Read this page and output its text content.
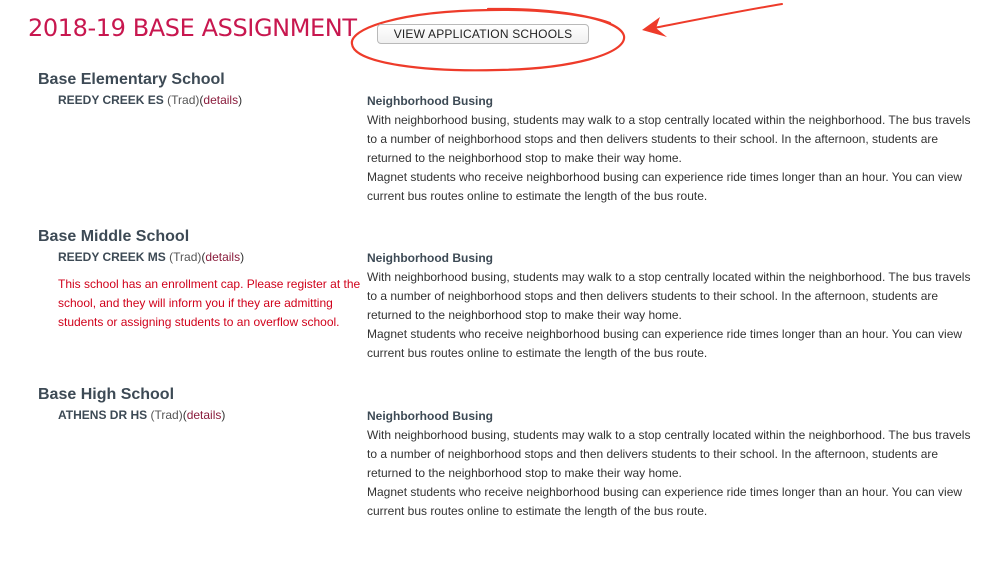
2018-19 BASE ASSIGNMENT	VIEW APPLICATION SCHOOLS
Base Elementary School
REEDY CREEK ES (Trad)(details)	Neighborhood Busing
With neighborhood busing, students may walk to a stop centrally located within the neighborhood. The bus travels to a number of neighborhood stops and then delivers students to their school. In the afternoon, students are returned to the neighborhood stop to make their way home.
Magnet students who receive neighborhood busing can experience ride times longer than an hour. You can view current bus routes online to estimate the length of the bus route.
Base Middle School
REEDY CREEK MS (Trad)(details)
This school has an enrollment cap. Please register at the school, and they will inform you if they are admitting students or assigning students to an overflow school.
Neighborhood Busing
With neighborhood busing, students may walk to a stop centrally located within the neighborhood. The bus travels to a number of neighborhood stops and then delivers students to their school. In the afternoon, students are returned to the neighborhood stop to make their way home.
Magnet students who receive neighborhood busing can experience ride times longer than an hour. You can view current bus routes online to estimate the length of the bus route.
Base High School
ATHENS DR HS (Trad)(details)	Neighborhood Busing
With neighborhood busing, students may walk to a stop centrally located within the neighborhood. The bus travels to a number of neighborhood stops and then delivers students to their school. In the afternoon, students are returned to the neighborhood stop to make their way home.
Magnet students who receive neighborhood busing can experience ride times longer than an hour. You can view current bus routes online to estimate the length of the bus route.
